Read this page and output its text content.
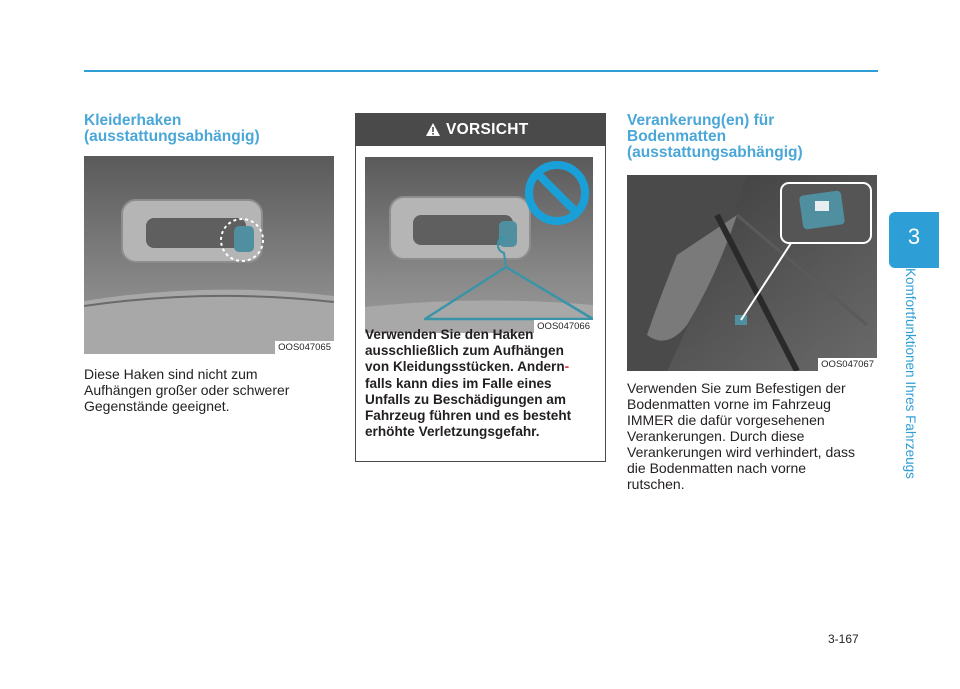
3
Komfortfunktionen Ihres Fahrzeugs
Kleiderhaken
(ausstattungsabhängig)
OOS047065
Diese Haken sind nicht zum
Aufhängen großer oder schwerer
Gegenstände geeignet.
VORSICHT
OOS047066
Verwenden Sie den Haken
ausschließlich zum Aufhängen
von Kleidungsstücken. Andern-
falls kann dies im Falle eines
Unfalls zu Beschädigungen am
Fahrzeug führen und es besteht
erhöhte Verletzungsgefahr.
Verankerung(en) für
Bodenmatten
(ausstattungsabhängig)
OOS047067
Verwenden Sie zum Befestigen der
Bodenmatten vorne im Fahrzeug
IMMER die dafür vorgesehenen
Verankerungen. Durch diese
Verankerungen wird verhindert, dass
die Bodenmatten nach vorne
rutschen.
3-167
